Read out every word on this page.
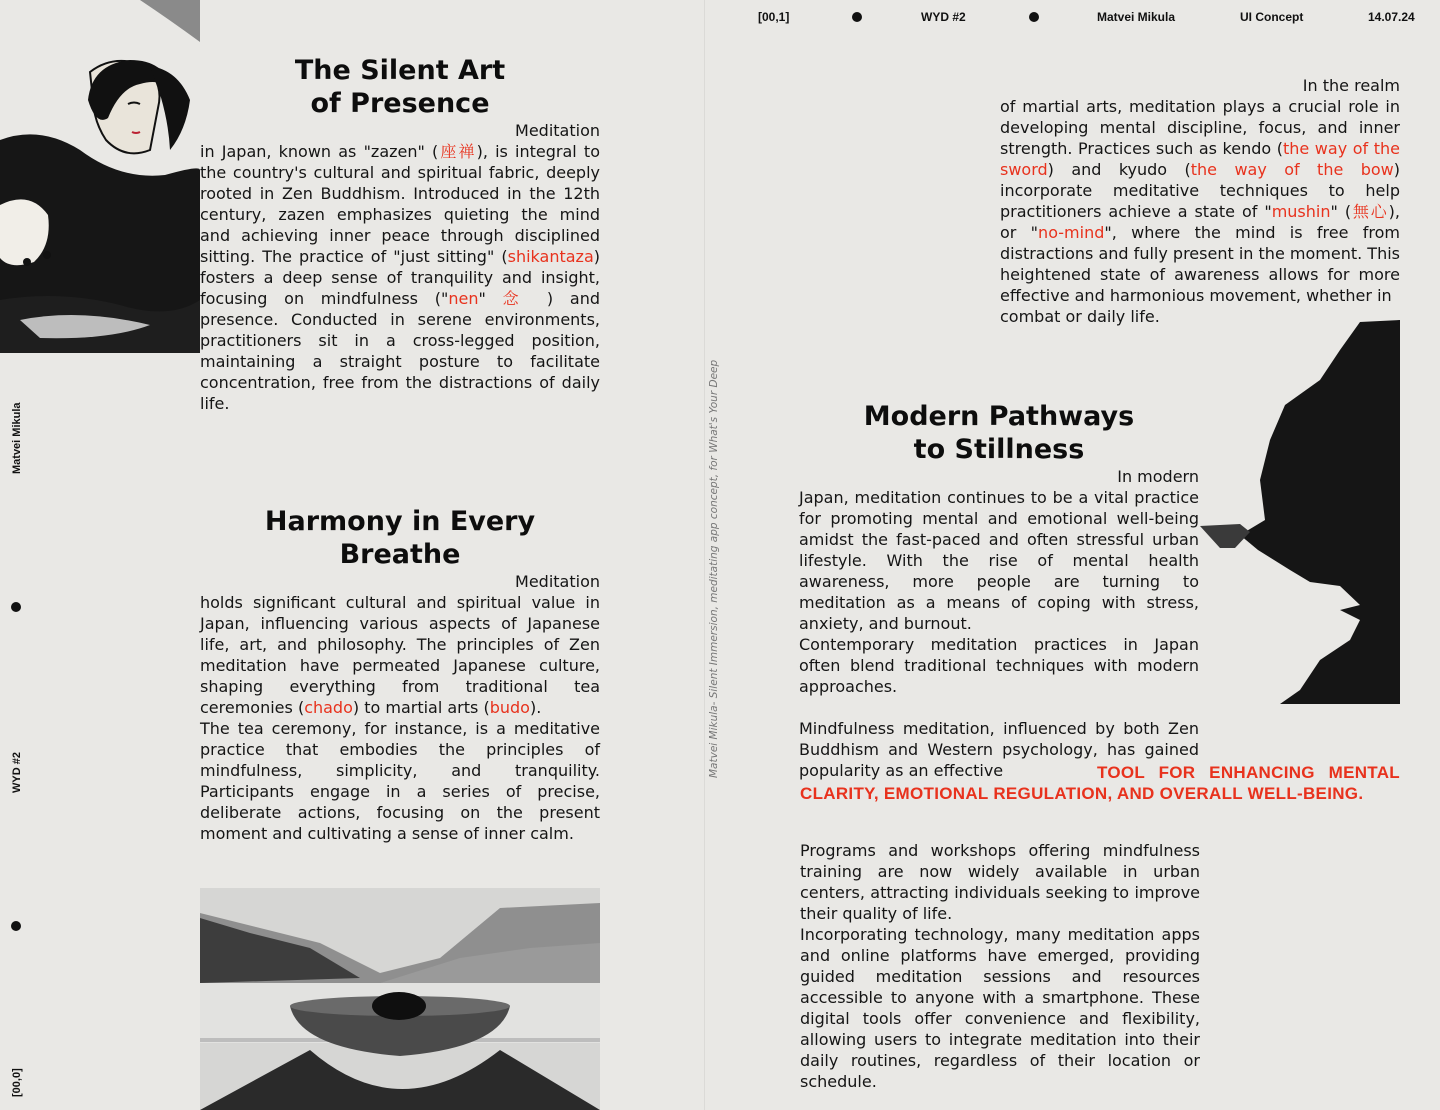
Matvei Mikula
WYD #2
[00,0]
[00,1]	WYD #2	Matvei Mikula	UI Concept	14.07.24
Matvei Mikula- Silent Immersion, meditating app concept, for What's Your Deep
The Silent Art
of Presence

Meditation
in Japan, known as "zazen" (座禅), is integral to the country's cultural and spiritual fabric, deeply rooted in Zen Buddhism. Introduced in the 12th century, zazen emphasizes quieting the mind and achieving inner peace through disciplined sitting. The practice of "just sitting" (shikantaza) fosters a deep sense of tranquility and insight, focusing on mindfulness ("nen" 念 ) and presence. Conducted in serene environments, practitioners sit in a cross-legged position, maintaining a straight posture to facilitate concentration, free from the distractions of daily life.

Harmony in Every
Breathe

Meditation
holds significant cultural and spiritual value in Japan, influencing various aspects of Japanese life, art, and philosophy. The principles of Zen meditation have permeated Japanese culture, shaping everything from traditional tea ceremonies (chado) to martial arts (budo).

The tea ceremony, for instance, is a meditative practice that embodies the principles of mindfulness, simplicity, and tranquility. Participants engage in a series of precise, deliberate actions, focusing on the present moment and cultivating a sense of inner calm.

In the realm
of martial arts, meditation plays a crucial role in developing mental discipline, focus, and inner strength. Practices such as kendo (the way of the sword) and kyudo (the way of the bow) incorporate meditative techniques to help practitioners achieve a state of "mushin" (無心), or "no-mind", where the mind is free from distractions and fully present in the moment. This heightened state of awareness allows for more effective and harmonious movement, whether in

combat or daily life.

Modern Pathways
to Stillness

In modern
Japan, meditation continues to be a vital practice for promoting mental and emotional well-being amidst the fast-paced and often stressful urban lifestyle. With the rise of mental health awareness, more people are turning to meditation as a means of coping with stress, anxiety, and burnout.

Contemporary meditation practices in Japan often blend traditional techniques with modern approaches.

Mindfulness meditation, influenced by both Zen Buddhism and Western psychology, has gained popularity as an effective	TOOL FOR ENHANCING MENTAL CLARITY, EMOTIONAL REGULATION, AND OVERALL WELL-BEING.

Programs and workshops offering mindfulness training are now widely available in urban centers, attracting individuals seeking to improve their quality of life.

Incorporating technology, many meditation apps and online platforms have emerged, providing guided meditation sessions and resources accessible to anyone with a smartphone. These digital tools offer convenience and flexibility, allowing users to integrate meditation into their daily routines, regardless of their location or schedule.
